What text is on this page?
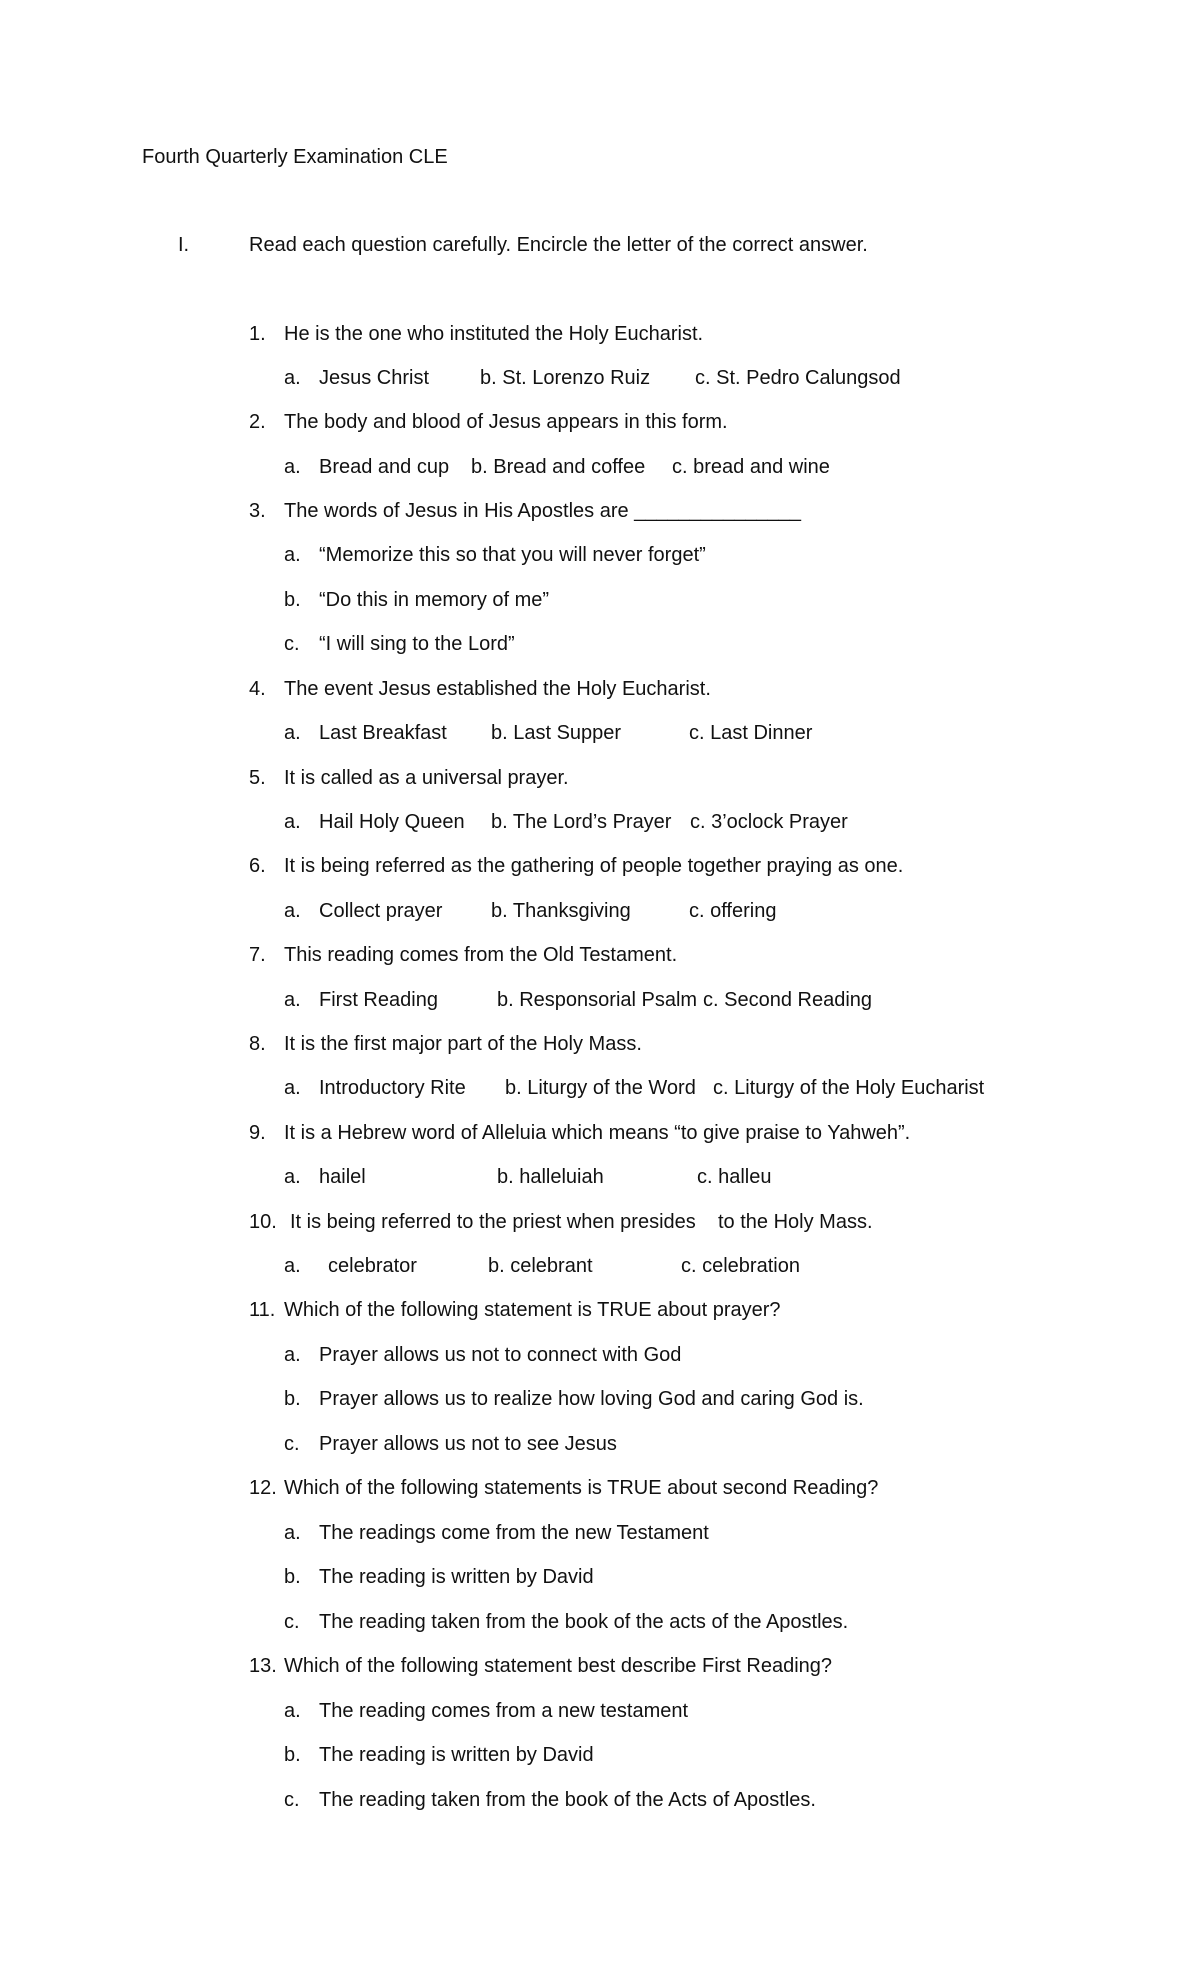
Fourth Quarterly Examination CLE
I.	Read each question carefully. Encircle the letter of the correct answer.
1. He is the one who instituted the Holy Eucharist.
a. Jesus Christ	b. St. Lorenzo Ruiz c. St. Pedro Calungsod
2. The body and blood of Jesus appears in this form.
a. Bread and cup b. Bread and coffee c. bread and wine
3. The words of Jesus in His Apostles are _______________
a. “Memorize this so that you will never forget”
b. “Do this in memory of me”
c. “I will sing to the Lord”
4. The event Jesus established the Holy Eucharist.
a. Last Breakfast b. Last Supper	c. Last Dinner
5. It is called as a universal prayer.
a. Hail Holy Queen b. The Lord’s Prayer c. 3’oclock Prayer
6. It is being referred as the gathering of people together praying as one.
a. Collect prayer b. Thanksgiving	c. offering
7. This reading comes from the Old Testament.
a. First Reading	b. Responsorial Psalm c. Second Reading
8. It is the first major part of the Holy Mass.
a. Introductory Rite b. Liturgy of the Word c. Liturgy of the Holy Eucharist
9. It is a Hebrew word of Alleluia which means “to give praise to Yahweh”.
a. hailel	b. halleluiah	c. halleu
10. It is being referred to the priest when presides    to the Holy Mass.
a. celebrator	b. celebrant	c. celebration
11. Which of the following statement is TRUE about prayer?
a. Prayer allows us not to connect with God
b. Prayer allows us to realize how loving God and caring God is.
c. Prayer allows us not to see Jesus
12. Which of the following statements is TRUE about second Reading?
a. The readings come from the new Testament
b. The reading is written by David
c. The reading taken from the book of the acts of the Apostles.
13. Which of the following statement best describe First Reading?
a. The reading comes from a new testament
b. The reading is written by David
c. The reading taken from the book of the Acts of Apostles.
